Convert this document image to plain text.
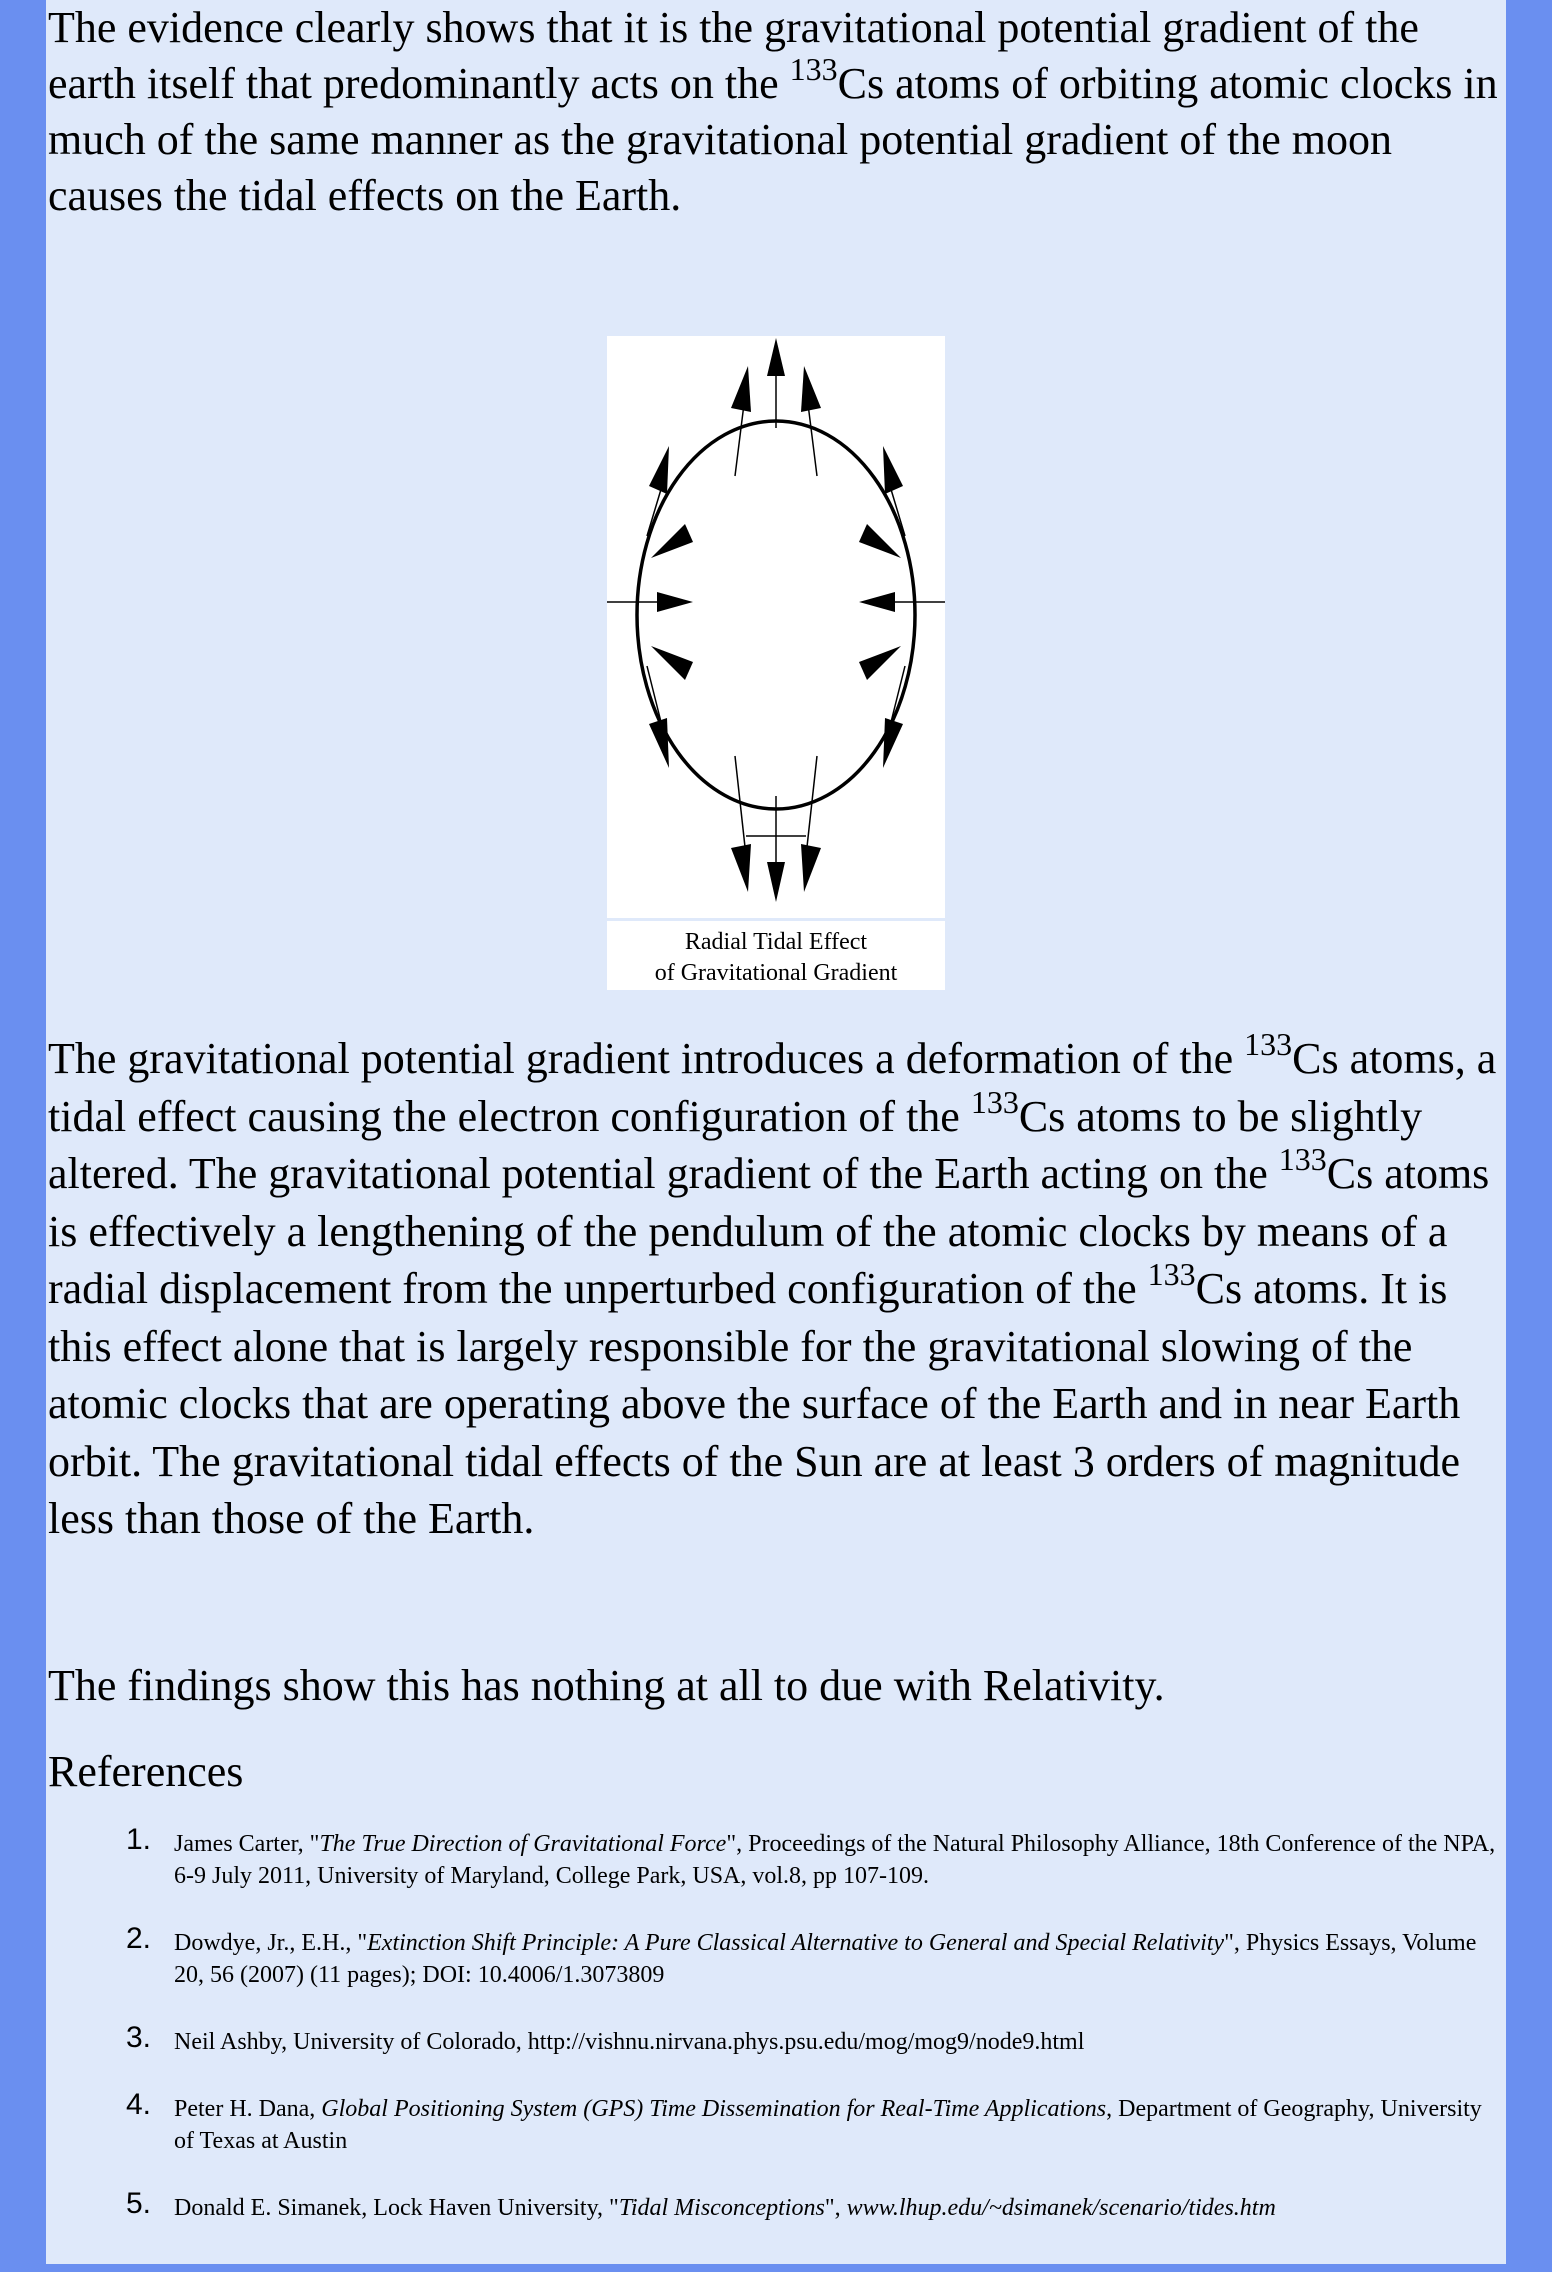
The evidence clearly shows that it is the gravitational potential gradient of the earth itself that predominantly acts on the $^{133}$Cs atoms of orbiting atomic clocks in much of the same manner as the gravitational potential gradient of the moon causes the tidal effects on the Earth.

Radial Tidal Effect
of Gravitational Gradient

The gravitational potential gradient introduces a deformation of the $^{133}$Cs atoms, a tidal effect causing the electron configuration of the $^{133}$Cs atoms to be slightly altered. The gravitational potential gradient of the Earth acting on the $^{133}$Cs atoms is effectively a lengthening of the pendulum of the atomic clocks by means of a radial displacement from the unperturbed configuration of the $^{133}$Cs atoms. It is this effect alone that is largely responsible for the gravitational slowing of the atomic clocks that are operating above the surface of the Earth and in near Earth orbit. The gravitational tidal effects of the Sun are at least 3 orders of magnitude less than those of the Earth.

The findings show this has nothing at all to due with Relativity.

References
1. James Carter, "The True Direction of Gravitational Force", Proceedings of the Natural Philosophy Alliance, 18th Conference of the NPA, 6-9 July 2011, University of Maryland, College Park, USA, vol.8, pp 107-109.
2. Dowdye, Jr., E.H., "Extinction Shift Principle: A Pure Classical Alternative to General and Special Relativity", Physics Essays, Volume 20, 56 (2007) (11 pages); DOI: 10.4006/1.3073809
3. Neil Ashby, University of Colorado, http://vishnu.nirvana.phys.psu.edu/mog/mog9/node9.html
4. Peter H. Dana, Global Positioning System (GPS) Time Dissemination for Real-Time Applications, Department of Geography, University of Texas at Austin
5. Donald E. Simanek, Lock Haven University, "Tidal Misconceptions", www.lhup.edu/~dsimanek/scenario/tides.htm
